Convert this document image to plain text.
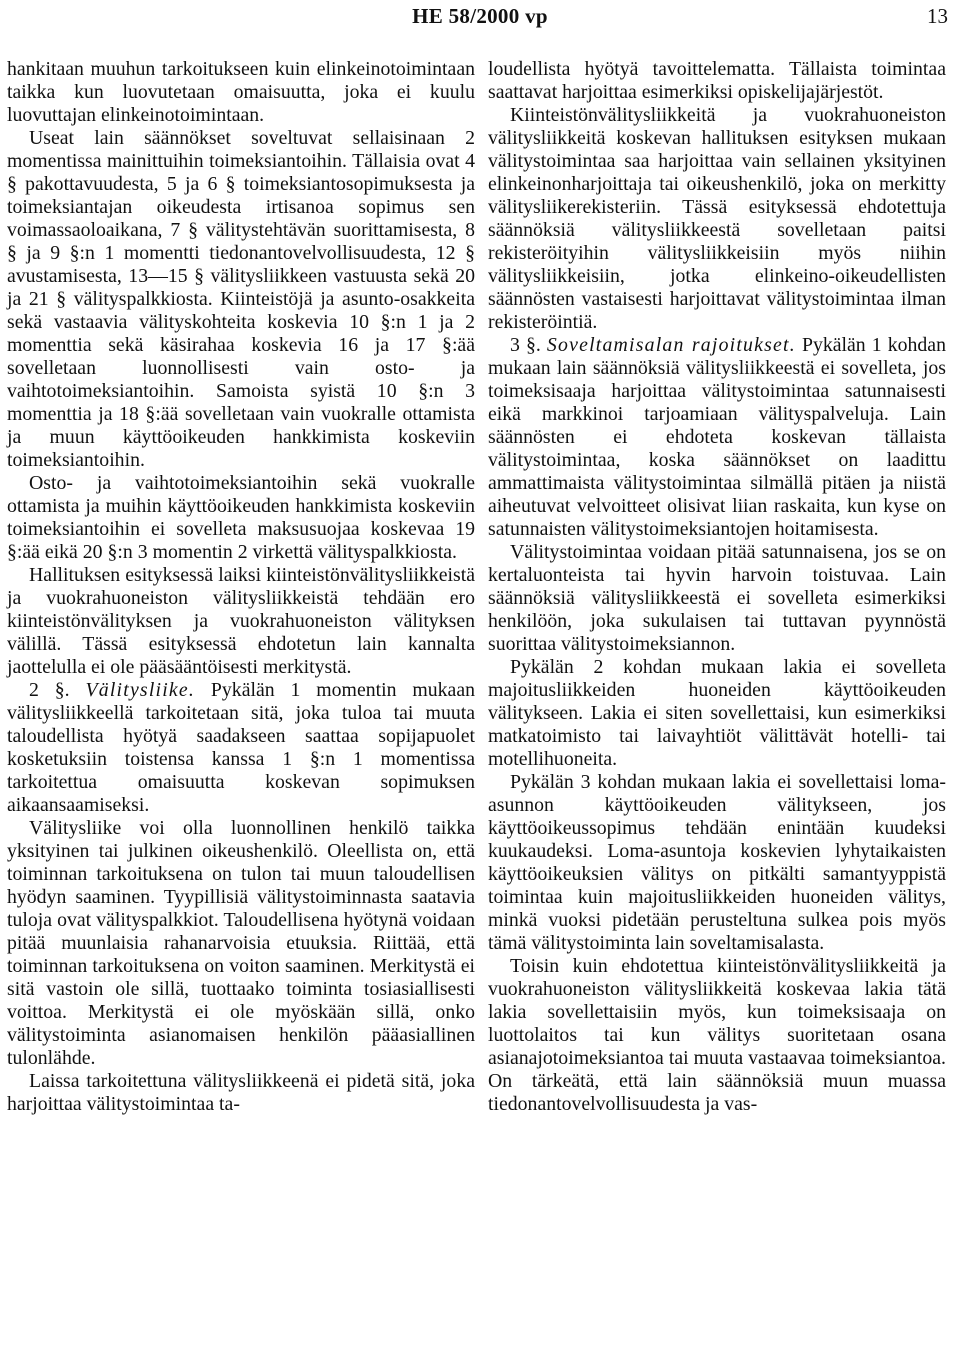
HE 58/2000 vp	13

hankitaan muuhun tarkoitukseen kuin elinkeinotoimintaan taikka kun luovutetaan omaisuutta, joka ei kuulu luovuttajan elinkeinotoimintaan.

Useat lain säännökset soveltuvat sellaisinaan 2 momentissa mainittuihin toimeksiantoihin. Tällaisia ovat 4 § pakottavuudesta, 5 ja 6 § toimeksiantosopimuksesta ja toimeksiantajan oikeudesta irtisanoa sopimus sen voimassaoloaikana, 7 § välitystehtävän suorittamisesta, 8 § ja 9 §:n 1 momentti tiedonantovelvollisuudesta, 12 § avustamisesta, 13—15 § välitysliikkeen vastuusta sekä 20 ja 21 § välityspalkkiosta. Kiinteistöjä ja asunto-osakkeita sekä vastaavia välityskohteita koskevia 10 §:n 1 ja 2 momenttia sekä käsirahaa koskevia 16 ja 17 §:ää sovelletaan luonnollisesti vain osto- ja vaihtotoimeksiantoihin. Samoista syistä 10 §:n 3 momenttia ja 18 §:ää sovelletaan vain vuokralle ottamista ja muun käyttöoikeuden hankkimista koskeviin toimeksiantoihin.

Osto- ja vaihtotoimeksiantoihin sekä vuokralle ottamista ja muihin käyttöoikeuden hankkimista koskeviin toimeksiantoihin ei sovelleta maksusuojaa koskevaa 19 §:ää eikä 20 §:n 3 momentin 2 virkettä välityspalkkiosta.

Hallituksen esityksessä laiksi kiinteistönvälitysliikkeistä ja vuokrahuoneiston välitysliikkeistä tehdään ero kiinteistönvälityksen ja vuokrahuoneiston välityksen välillä. Tässä esityksessä ehdotetun lain kannalta jaottelulla ei ole pääsääntöisesti merkitystä.

2 §. Välitysliike. Pykälän 1 momentin mukaan välitysliikkeellä tarkoitetaan sitä, joka tuloa tai muuta taloudellista hyötyä saadakseen saattaa sopijapuolet kosketuksiin toistensa kanssa 1 §:n 1 momentissa tarkoitettua omaisuutta koskevan sopimuksen aikaansaamiseksi.

Välitysliike voi olla luonnollinen henkilö taikka yksityinen tai julkinen oikeushenkilö. Oleellista on, että toiminnan tarkoituksena on tulon tai muun taloudellisen hyödyn saaminen. Tyypillisiä välitystoiminnasta saatavia tuloja ovat välityspalkkiot. Taloudellisena hyötynä voidaan pitää muunlaisia rahanarvoisia etuuksia. Riittää, että toiminnan tarkoituksena on voiton saaminen. Merkitystä ei sitä vastoin ole sillä, tuottaako toiminta tosiasiallisesti voittoa. Merkitystä ei ole myöskään sillä, onko välitystoiminta asianomaisen henkilön pääasiallinen tulonlähde.

Laissa tarkoitettuna välitysliikkeenä ei pidetä sitä, joka harjoittaa välitystoimintaa ta-

loudellista hyötyä tavoittelematta. Tällaista toimintaa saattavat harjoittaa esimerkiksi opiskelijajärjestöt.

Kiinteistönvälitysliikkeitä ja vuokrahuoneiston välitysliikkeitä koskevan hallituksen esityksen mukaan välitystoimintaa saa harjoittaa vain sellainen yksityinen elinkeinonharjoittaja tai oikeushenkilö, joka on merkitty välitysliikerekisteriin. Tässä esityksessä ehdotettuja säännöksiä välitysliikkeestä sovelletaan paitsi rekisteröityihin välitysliikkeisiin myös niihin välitysliikkeisiin, jotka elinkeino-oikeudellisten säännösten vastaisesti harjoittavat välitystoimintaa ilman rekisteröintiä.

3 §. Soveltamisalan rajoitukset. Pykälän 1 kohdan mukaan lain säännöksiä välitysliikkeestä ei sovelleta, jos toimeksisaaja harjoittaa välitystoimintaa satunnaisesti eikä markkinoi tarjoamiaan välityspalveluja. Lain säännösten ei ehdoteta koskevan tällaista välitystoimintaa, koska säännökset on laadittu ammattimaista välitystoimintaa silmällä pitäen ja niistä aiheutuvat velvoitteet olisivat liian raskaita, kun kyse on satunnaisten välitystoimeksiantojen hoitamisesta.

Välitystoimintaa voidaan pitää satunnaisena, jos se on kertaluonteista tai hyvin harvoin toistuvaa. Lain säännöksiä välitysliikkeestä ei sovelleta esimerkiksi henkilöön, joka sukulaisen tai tuttavan pyynnöstä suorittaa välitystoimeksiannon.

Pykälän 2 kohdan mukaan lakia ei sovelleta majoitusliikkeiden huoneiden käyttöoikeuden välitykseen. Lakia ei siten sovellettaisi, kun esimerkiksi matkatoimisto tai laivayhtiöt välittävät hotelli- tai motellihuoneita.

Pykälän 3 kohdan mukaan lakia ei sovellettaisi loma-asunnon käyttöoikeuden välitykseen, jos käyttöoikeussopimus tehdään enintään kuudeksi kuukaudeksi. Loma-asuntoja koskevien lyhytaikaisten käyttöoikeuksien välitys on pitkälti samantyyppistä toimintaa kuin majoitusliikkeiden huoneiden välitys, minkä vuoksi pidetään perusteltuna sulkea pois myös tämä välitystoiminta lain soveltamisalasta.

Toisin kuin ehdotettua kiinteistönvälitysliikkeitä ja vuokrahuoneiston välitysliikkeitä koskevaa lakia tätä lakia sovellettaisiin myös, kun toimeksisaaja on luottolaitos tai kun välitys suoritetaan osana asianajotoimeksiantoa tai muuta vastaavaa toimeksiantoa. On tärkeätä, että lain säännöksiä muun muassa tiedonantovelvollisuudesta ja vas-
